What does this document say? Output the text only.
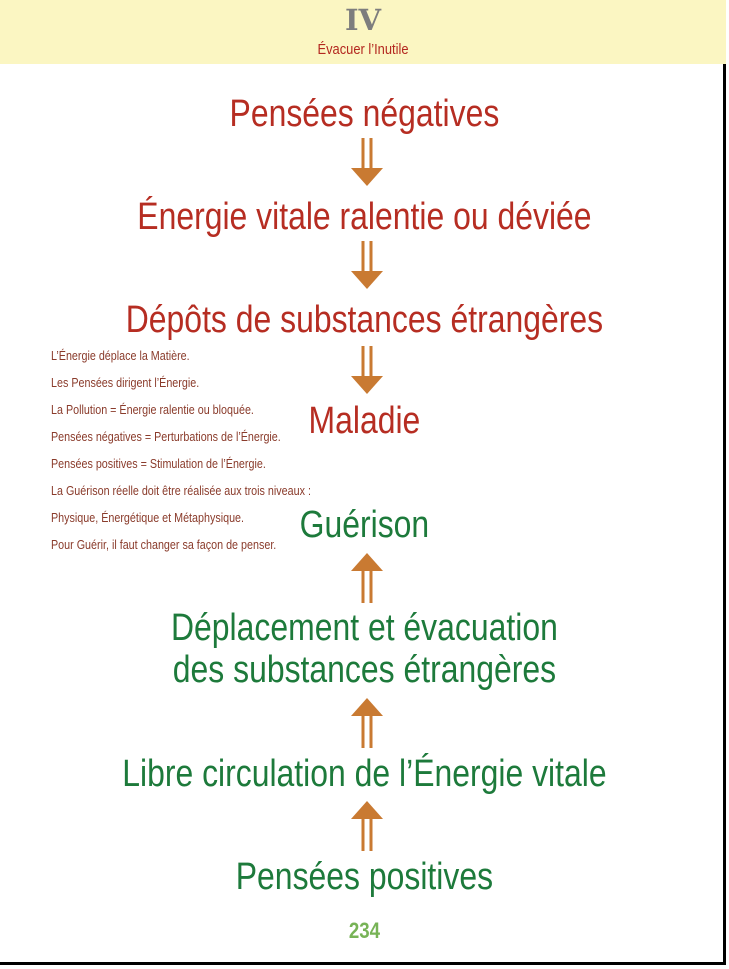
IV
Évacuer l’Inutile
Pensées négatives
Énergie vitale ralentie ou déviée
Dépôts de substances étrangères
Maladie
Guérison
Déplacement et évacuation
des substances étrangères
Libre circulation de l’Énergie vitale
Pensées positives
L’Énergie déplace la Matière.
Les Pensées dirigent l’Énergie.
La Pollution = Énergie ralentie ou bloquée.
Pensées négatives = Perturbations de l’Énergie.
Pensées positives = Stimulation de l’Énergie.
La Guérison réelle doit être réalisée aux trois niveaux :
Physique, Énergétique et Métaphysique.
Pour Guérir, il faut changer sa façon de penser.
234
